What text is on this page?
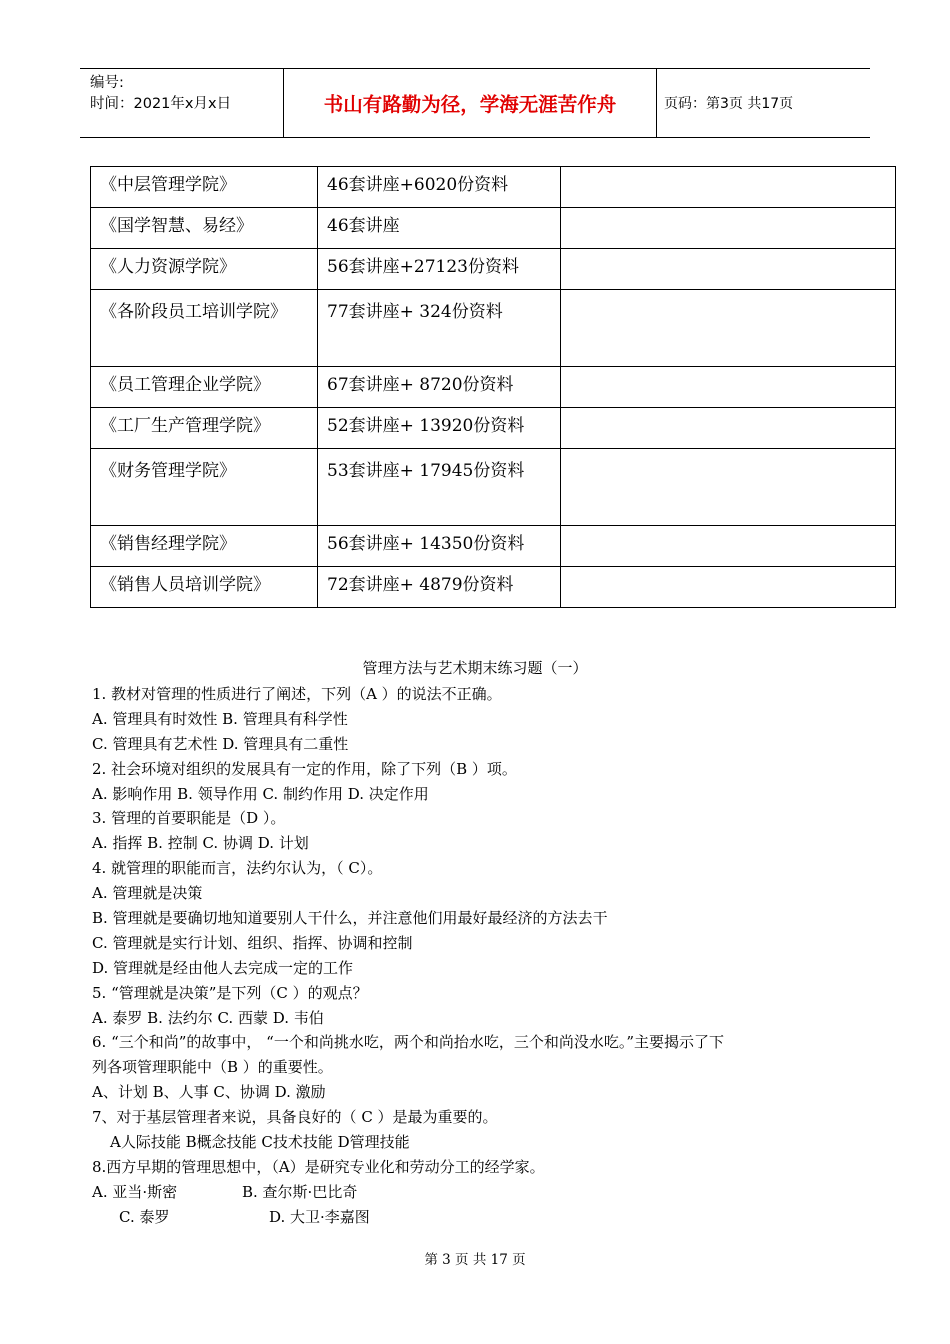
编号:
时间：2021年x月x日	书山有路勤为径，学海无涯苦作舟	页码：第3页 共17页
《中层管理学院》	46套讲座+6020份资料	
《国学智慧、易经》	46套讲座	
《人力资源学院》	56套讲座+27123份资料	
《各阶段员工培训学院》	77套讲座+ 324份资料	
《员工管理企业学院》	67套讲座+ 8720份资料	
《工厂生产管理学院》	52套讲座+ 13920份资料	
《财务管理学院》	53套讲座+ 17945份资料	
《销售经理学院》	56套讲座+ 14350份资料	
《销售人员培训学院》	72套讲座+ 4879份资料	
管理方法与艺术期末练习题（一）
1. 教材对管理的性质进行了阐述，下列（A ）的说法不正确。
A. 管理具有时效性 B. 管理具有科学性
C. 管理具有艺术性 D. 管理具有二重性
2. 社会环境对组织的发展具有一定的作用，除了下列（B ）项。
A. 影响作用 B. 领导作用 C. 制约作用 D. 决定作用
3. 管理的首要职能是（D ）。
A. 指挥 B. 控制 C. 协调 D. 计划
4. 就管理的职能而言，法约尔认为，（ C）。
A. 管理就是决策
B. 管理就是要确切地知道要别人干什么，并注意他们用最好最经济的方法去干
C. 管理就是实行计划、组织、指挥、协调和控制
D. 管理就是经由他人去完成一定的工作
5. “管理就是决策”是下列（C ）的观点？
A. 泰罗 B. 法约尔 C. 西蒙 D. 韦伯
6. “三个和尚”的故事中， “一个和尚挑水吃，两个和尚抬水吃，三个和尚没水吃。”主要揭示了下
列各项管理职能中（B ）的重要性。
A、计划 B、人事 C、协调 D. 激励
7、对于基层管理者来说，具备良好的（ C ）是最为重要的。
A人际技能 B概念技能 C技术技能 D管理技能
8.西方早期的管理思想中，（A）是研究专业化和劳动分工的经学家。
A. 亚当·斯密	B. 查尔斯·巴比奇
C. 泰罗	D. 大卫·李嘉图
第 3 页 共 17 页
